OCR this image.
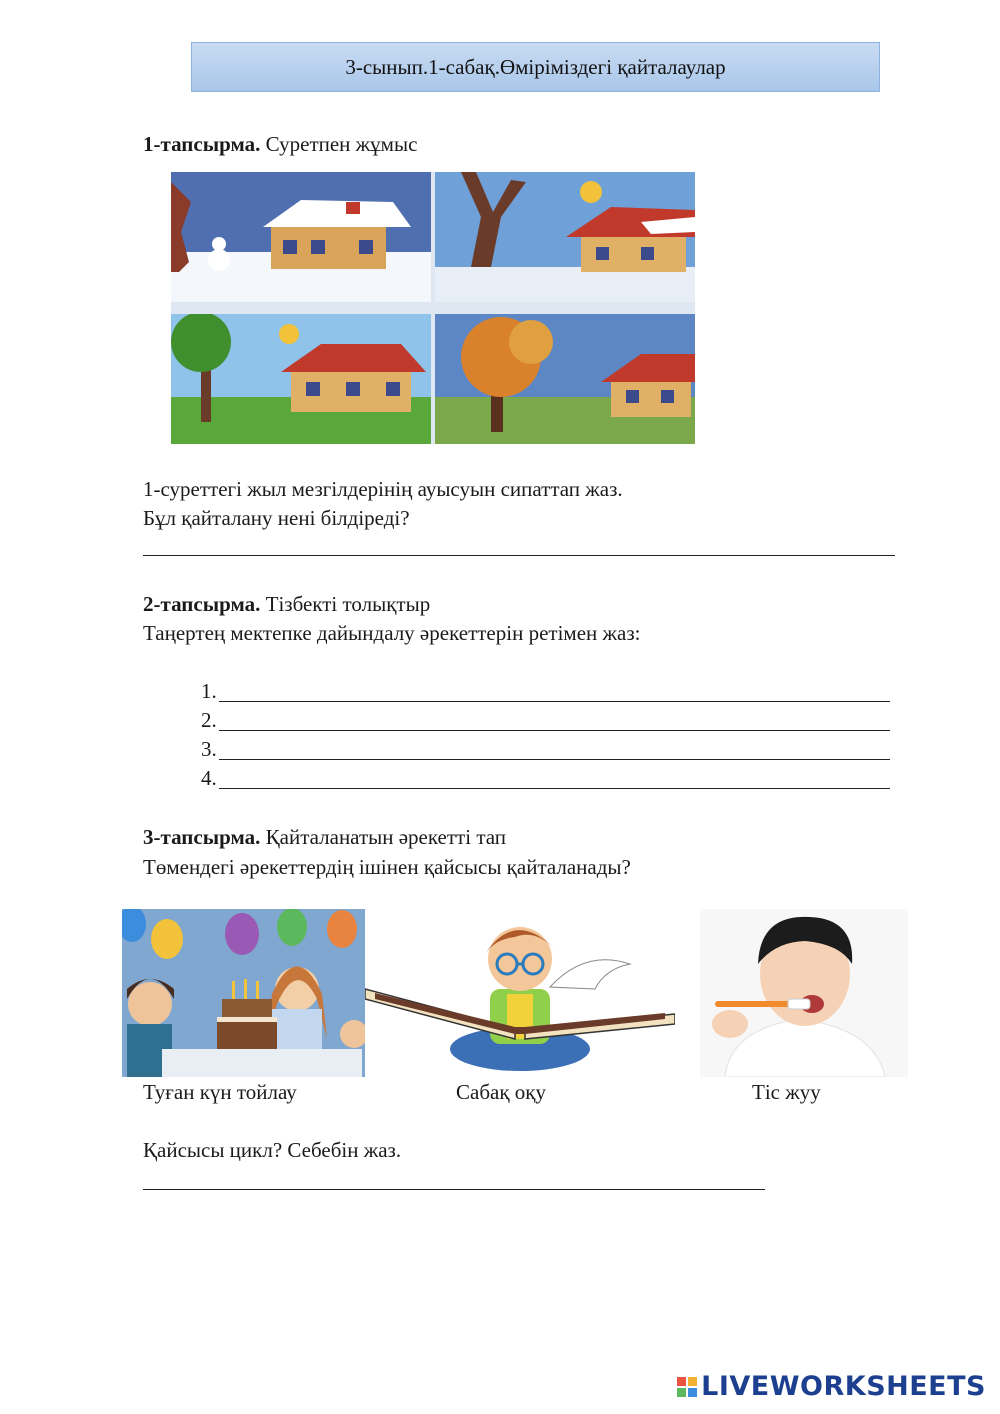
3-сынып.1-сабақ.Өміріміздегі қайталаулар
1-тапсырма. Суретпен жұмыс
1-суреттегі жыл мезгілдерінің ауысуын сипаттап жаз.
Бұл қайталану нені білдіреді?
2-тапсырма. Тізбекті толықтыр
Таңертең мектепке дайындалу әрекеттерін ретімен жаз:
1.
2.
3.
4.
3-тапсырма. Қайталанатын әрекетті тап
Төмендегі әрекеттердің ішінен қайсысы қайталанады?
Туған күн тойлау	Сабақ оқу	Тіс жуу
Қайсысы цикл? Себебін жаз.
LIVEWORKSHEETS
